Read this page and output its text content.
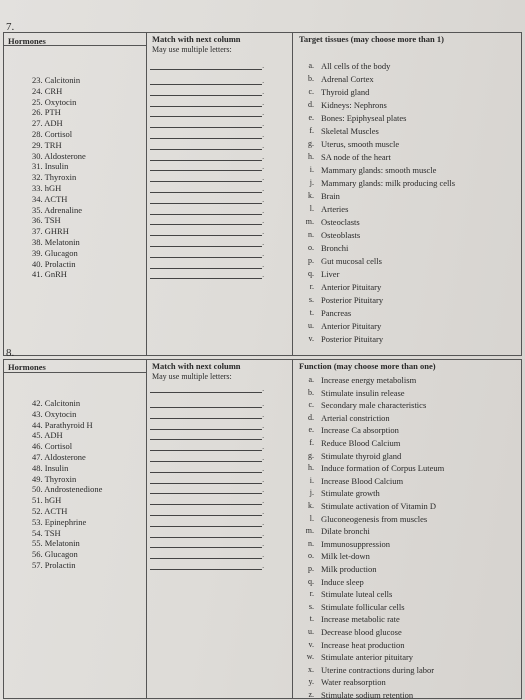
7.
Hormones	Match with next column
May use multiple letters:
Target tissues (may choose more than 1)
23. Calcitonin
24. CRH
25. Oxytocin
26. PTH
27. ADH
28. Cortisol
29. TRH
30. Aldosterone
31. Insulin
32. Thyroxin
33. hGH
34. ACTH
35. Adrenaline
36. TSH
37. GHRH
38. Melatonin
39. Glucagon
40. Prolactin
41. GnRH
.
.
.
.
.
.
.
.
.
.
.
.
.
.
.
.
.
.
.
.
a. All cells of the body
b. Adrenal Cortex
c. Thyroid gland
d. Kidneys: Nephrons
e. Bones: Epiphyseal plates
f. Skeletal Muscles
g. Uterus, smooth muscle
h. SA node of the heart
i. Mammary glands: smooth muscle
j. Mammary glands: milk producing cells
k. Brain
l. Arteries
m. Osteoclasts
n. Osteoblasts
o. Bronchi
p. Gut mucosal cells
q. Liver
r. Anterior Pituitary
s. Posterior Pituitary
t. Pancreas
u. Anterior Pituitary
v. Posterior Pituitary
8.
Hormones	Match with next column
May use multiple letters:
Function (may choose more than one)
42. Calcitonin
43. Oxytocin
44. Parathyroid H
45. ADH
46. Cortisol
47. Aldosterone
48. Insulin
49. Thyroxin
50. Androstenedione
51. hGH
52. ACTH
53. Epinephrine
54. TSH
55. Melatonin
56. Glucagon
57. Prolactin
.
.
.
.
.
.
.
.
.
.
.
.
.
.
.
.
.
a. Increase energy metabolism
b. Stimulate insulin release
c. Secondary male characteristics
d. Arterial constriction
e. Increase Ca absorption
f. Reduce Blood Calcium
g. Stimulate thyroid gland
h. Induce formation of Corpus Luteum
i. Increase Blood Calcium
j. Stimulate growth
k. Stimulate activation of Vitamin D
l. Gluconeogenesis from muscles
m. Dilate bronchi
n. Immunosuppression
o. Milk let-down
p. Milk production
q. Induce sleep
r. Stimulate luteal cells
s. Stimulate follicular cells
t. Increase metabolic rate
u. Decrease blood glucose
v. Increase heat production
w. Stimulate anterior pituitary
x. Uterine contractions during labor
y. Water reabsorption
z. Stimulate sodium retention
